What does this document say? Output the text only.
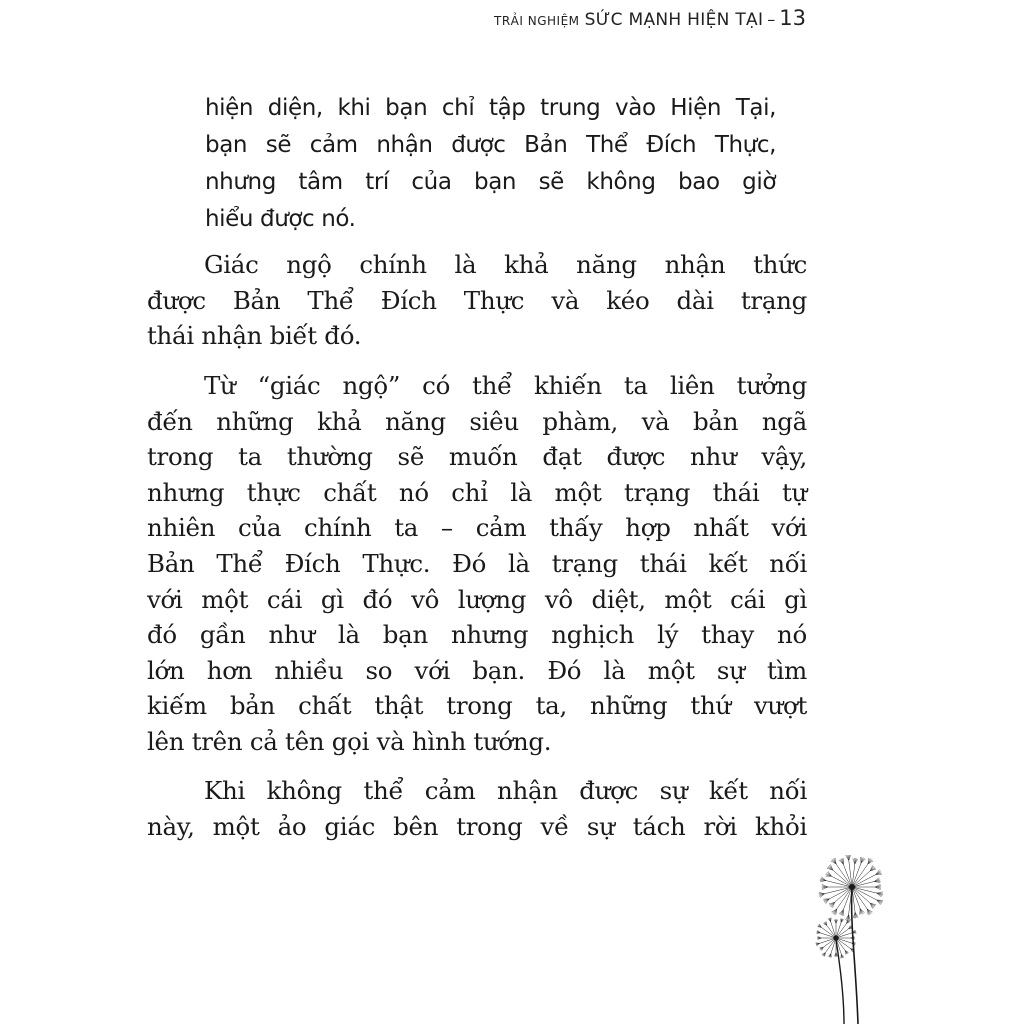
TRẢI NGHIỆM SỨC MẠNH HIỆN TẠI – 13
hiện diện, khi bạn chỉ tập trung vào Hiện Tại,
bạn sẽ cảm nhận được Bản Thể Đích Thực,
nhưng tâm trí của bạn sẽ không bao giờ
hiểu được nó.
Giác ngộ chính là khả năng nhận thức
được Bản Thể Đích Thực và kéo dài trạng
thái nhận biết đó.
Từ “giác ngộ” có thể khiến ta liên tưởng
đến những khả năng siêu phàm, và bản ngã
trong ta thường sẽ muốn đạt được như vậy,
nhưng thực chất nó chỉ là một trạng thái tự
nhiên của chính ta – cảm thấy hợp nhất với
Bản Thể Đích Thực. Đó là trạng thái kết nối
với một cái gì đó vô lượng vô diệt, một cái gì
đó gần như là bạn nhưng nghịch lý thay nó
lớn hơn nhiều so với bạn. Đó là một sự tìm
kiếm bản chất thật trong ta, những thứ vượt
lên trên cả tên gọi và hình tướng.
Khi không thể cảm nhận được sự kết nối
này, một ảo giác bên trong về sự tách rời khỏi
